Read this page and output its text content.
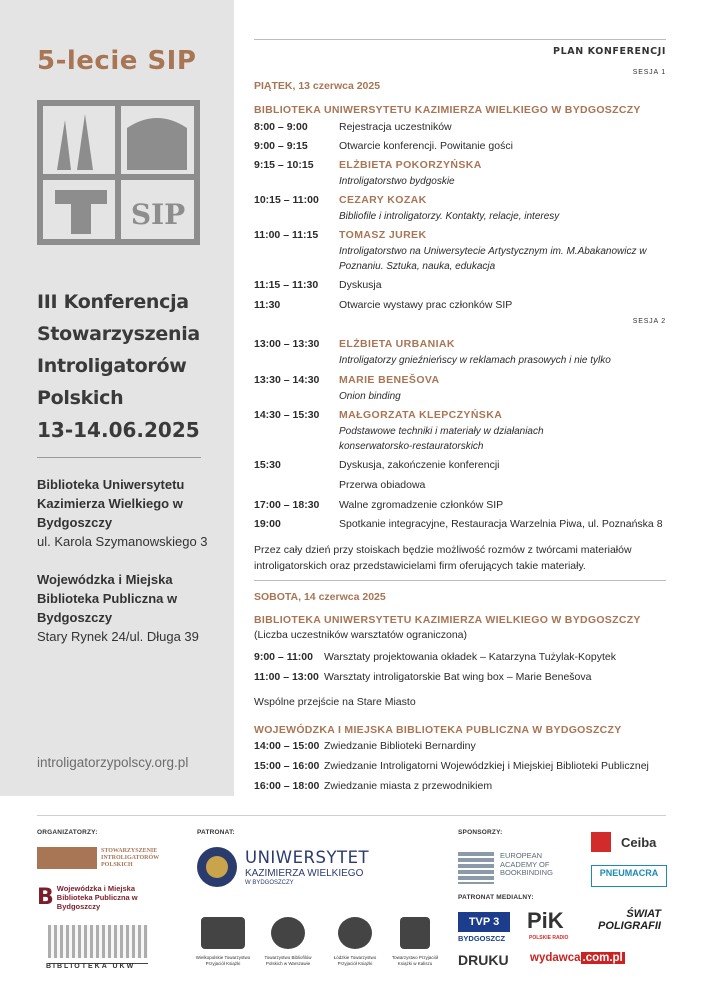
5-lecie SIP
SIP
III Konferencja Stowarzyszenia Introligatorów Polskich
13-14.06.2025
Biblioteka Uniwersytetu Kazimierza Wielkiego w Bydgoszczy
ul. Karola Szymanowskiego 3
Wojewódzka i Miejska Biblioteka Publiczna w Bydgoszczy
Stary Rynek 24/ul. Długa 39
introligatorzypolscy.org.pl
PLAN KONFERENCJI
SESJA 1
PIĄTEK, 13 czerwca 2025
BIBLIOTEKA UNIWERSYTETU KAZIMIERZA WIELKIEGO W BYDGOSZCZY
8:00 – 9:00	Rejestracja uczestników
9:00 – 9:15	Otwarcie konferencji. Powitanie gości
9:15 – 10:15 ELŻBIETA POKORZYŃSKA
Introligatorstwo bydgoskie
10:15 – 11:00 CEZARY KOZAK
Bibliofile i introligatorzy. Kontakty, relacje, interesy
11:00 – 11:15 TOMASZ JUREK
Introligatorstwo na Uniwersytecie Artystycznym im. M.Abakanowicz w Poznaniu. Sztuka, nauka, edukacja
11:15 – 11:30 Dyskusja
11:30	Otwarcie wystawy prac członków SIP
SESJA 2
13:00 – 13:30 ELŻBIETA URBANIAK
Introligatorzy gnieźnieńscy w reklamach prasowych i nie tylko
13:30 – 14:30 MARIE BENEŠOVA
Onion binding
14:30 – 15:30 MAŁGORZATA KLEPCZYŃSKA
Podstawowe techniki i materiały w działaniach konserwatorsko-restauratorskich
15:30	Dyskusja, zakończenie konferencji
Przerwa obiadowa
17:00 – 18:30 Walne zgromadzenie członków SIP
19:00	Spotkanie integracyjne, Restauracja Warzelnia Piwa, ul. Poznańska 8
Przez cały dzień przy stoiskach będzie możliwość rozmów z twórcami materiałów introligatorskich oraz przedstawicielami firm oferujących takie materiały.
SOBOTA, 14 czerwca 2025
BIBLIOTEKA UNIWERSYTETU KAZIMIERZA WIELKIEGO W BYDGOSZCZY
(Liczba uczestników warsztatów ograniczona)
9:00 – 11:00 Warsztaty projektowania okładek – Katarzyna Tużylak-Kopytek
11:00 – 13:00 Warsztaty introligatorskie Bat wing box – Marie Benešova
Wspólne przejście na Stare Miasto
WOJEWÓDZKA I MIEJSKA BIBLIOTEKA PUBLICZNA W BYDGOSZCZY
14:00 – 15:00 Zwiedzanie Biblioteki Bernardiny
15:00 – 16:00 Zwiedzanie Introligatorni Wojewódzkiej i Miejskiej Biblioteki Publicznej
16:00 – 18:00 Zwiedzanie miasta z przewodnikiem
ORGANIZATORZY:	PATRONAT:	SPONSORZY:
PATRONAT MEDIALNY:
STOWARZYSZENIE INTROLIGATORÓW POLSKICH
B Wojewódzka i Miejska Biblioteka Publiczna w Bydgoszczy
BIBLIOTEKA UKW
UNIWERSYTET
KAZIMIERZA WIELKIEGO
W BYDGOSZCZY
Wielkopolskie Towarzystwo Przyjaciół Książki
Towarzystwo Bibliofilów Polskich w Warszawie
Łódzkie Towarzystwo Przyjaciół Książki
Towarzystwo Przyjaciół Książki w Kaliszu
EUROPEAN ACADEMY OF BOOKBINDING
Ceiba
PNEUMACRA
TVP 3
BYDGOSZCZ
PiK
POLSKIE RADIO
ŚWIAT POLIGRAFII
DRUKU wydawca .com.pl
